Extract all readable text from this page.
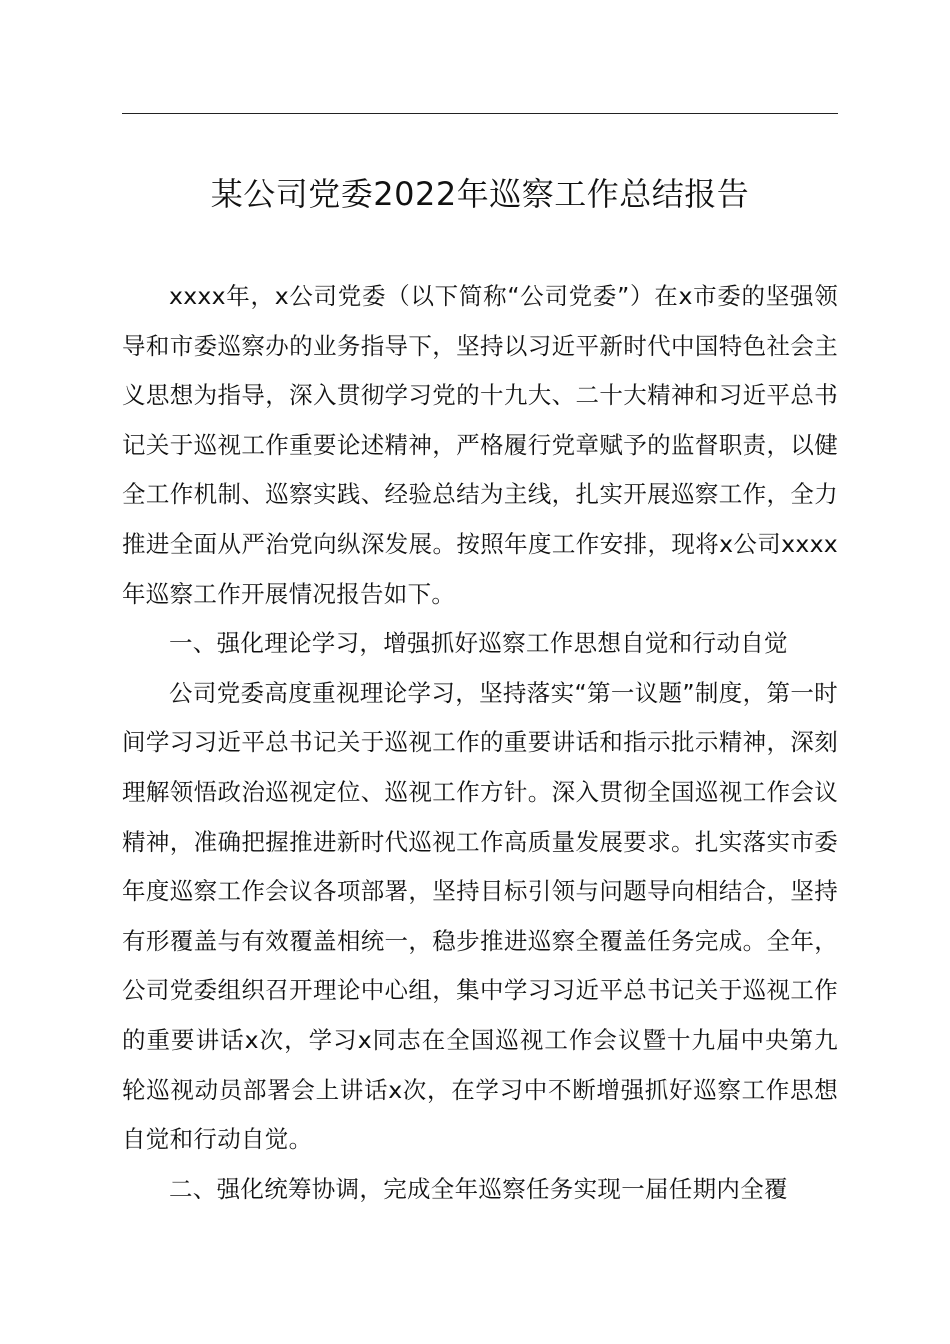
某公司党委2022年巡察工作总结报告

xxxx年，x公司党委（以下简称“公司党委”）在x市委的坚强领导和市委巡察办的业务指导下，坚持以习近平新时代中国特色社会主义思想为指导，深入贯彻学习党的十九大、二十大精神和习近平总书记关于巡视工作重要论述精神，严格履行党章赋予的监督职责，以健全工作机制、巡察实践、经验总结为主线，扎实开展巡察工作，全力推进全面从严治党向纵深发展。按照年度工作安排，现将x公司xxxx年巡察工作开展情况报告如下。

一、强化理论学习，增强抓好巡察工作思想自觉和行动自觉

公司党委高度重视理论学习，坚持落实“第一议题”制度，第一时间学习习近平总书记关于巡视工作的重要讲话和指示批示精神，深刻理解领悟政治巡视定位、巡视工作方针。深入贯彻全国巡视工作会议精神，准确把握推进新时代巡视工作高质量发展要求。扎实落实市委年度巡察工作会议各项部署，坚持目标引领与问题导向相结合，坚持有形覆盖与有效覆盖相统一，稳步推进巡察全覆盖任务完成。全年，公司党委组织召开理论中心组，集中学习习近平总书记关于巡视工作的重要讲话x次，学习x同志在全国巡视工作会议暨十九届中央第九轮巡视动员部署会上讲话x次，在学习中不断增强抓好巡察工作思想自觉和行动自觉。

二、强化统筹协调，完成全年巡察任务实现一届任期内全覆
